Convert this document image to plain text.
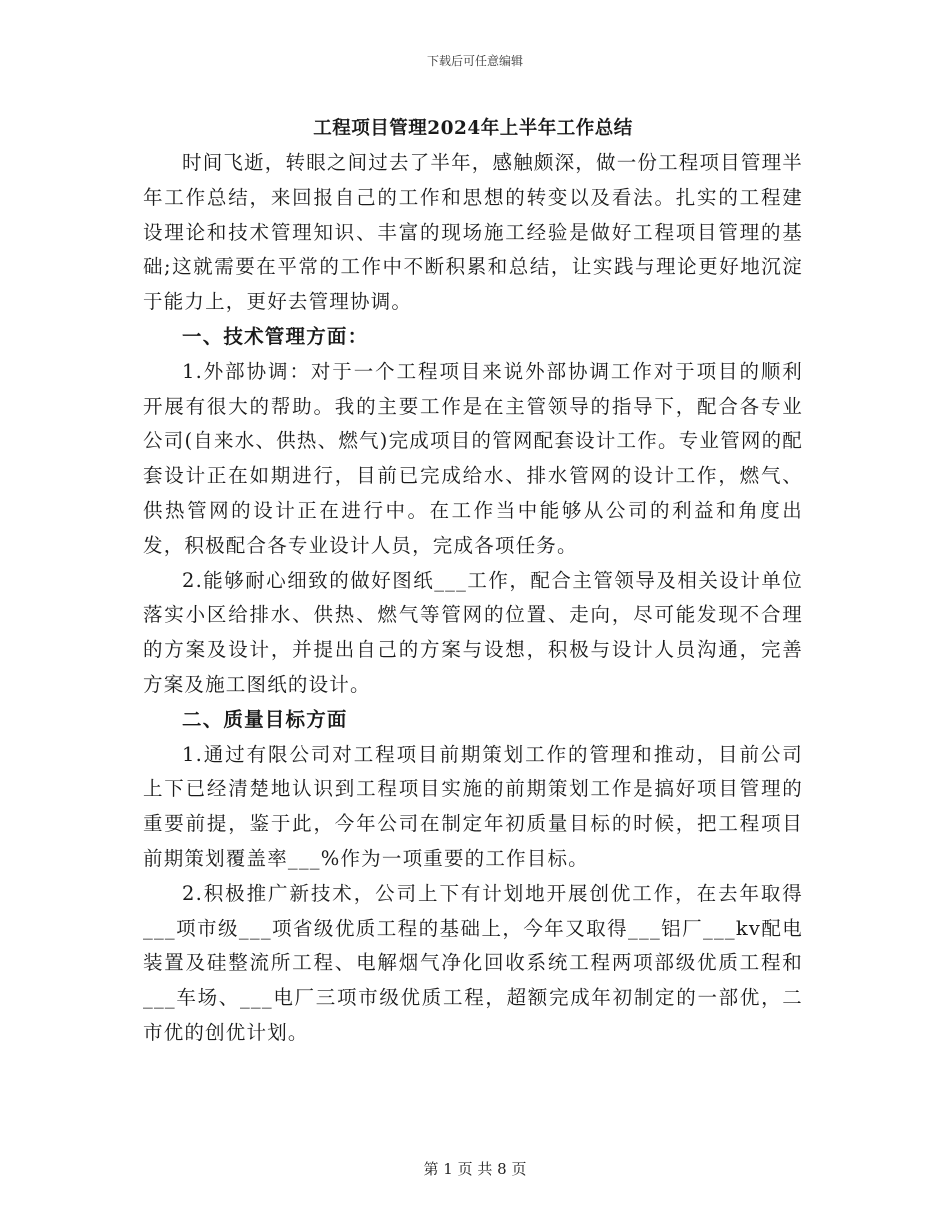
下载后可任意编辑
工程项目管理2024年上半年工作总结

时间飞逝，转眼之间过去了半年，感触颇深，做一份工程项目管理半年工作总结，来回报自己的工作和思想的转变以及看法。扎实的工程建设理论和技术管理知识、丰富的现场施工经验是做好工程项目管理的基础;这就需要在平常的工作中不断积累和总结，让实践与理论更好地沉淀于能力上，更好去管理协调。

一、技术管理方面：

1.外部协调：对于一个工程项目来说外部协调工作对于项目的顺利开展有很大的帮助。我的主要工作是在主管领导的指导下，配合各专业公司(自来水、供热、燃气)完成项目的管网配套设计工作。专业管网的配套设计正在如期进行，目前已完成给水、排水管网的设计工作，燃气、供热管网的设计正在进行中。在工作当中能够从公司的利益和角度出发，积极配合各专业设计人员，完成各项任务。

2.能够耐心细致的做好图纸___工作，配合主管领导及相关设计单位落实小区给排水、供热、燃气等管网的位置、走向，尽可能发现不合理的方案及设计，并提出自己的方案与设想，积极与设计人员沟通，完善方案及施工图纸的设计。

二、质量目标方面

1.通过有限公司对工程项目前期策划工作的管理和推动，目前公司上下已经清楚地认识到工程项目实施的前期策划工作是搞好项目管理的重要前提，鉴于此，今年公司在制定年初质量目标的时候，把工程项目前期策划覆盖率___%作为一项重要的工作目标。

2.积极推广新技术，公司上下有计划地开展创优工作，在去年取得___项市级___项省级优质工程的基础上，今年又取得___铝厂___kv配电装置及硅整流所工程、电解烟气净化回收系统工程两项部级优质工程和___车场、___电厂三项市级优质工程，超额完成年初制定的一部优，二市优的创优计划。

第 1 页 共 8 页
